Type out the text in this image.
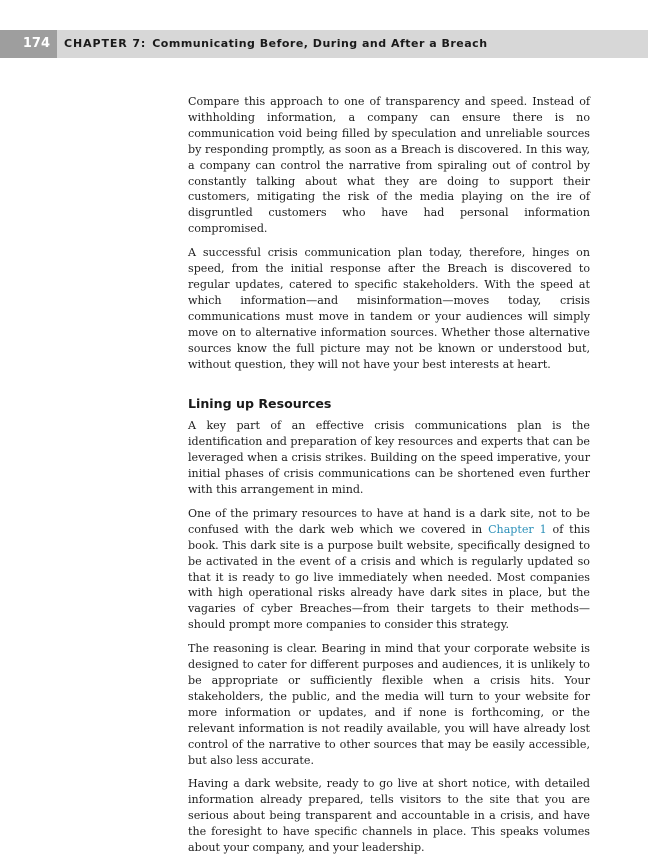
174	CHAPTER 7: Communicating Before, During and After a Breach

Compare this approach to one of transparency and speed. Instead of withholding information, a company can ensure there is no communication void being filled by speculation and unreliable sources by responding promptly, as soon as a Breach is discovered. In this way, a company can control the narrative from spiraling out of control by constantly talking about what they are doing to support their customers, mitigating the risk of the media playing on the ire of disgruntled customers who have had personal information compromised.

A successful crisis communication plan today, therefore, hinges on speed, from the initial response after the Breach is discovered to regular updates, catered to specific stakeholders. With the speed at which information—and misinformation—moves today, crisis communications must move in tandem or your audiences will simply move on to alternative information sources. Whether those alternative sources know the full picture may not be known or understood but, without question, they will not have your best interests at heart.

Lining up Resources

A key part of an effective crisis communications plan is the identification and preparation of key resources and experts that can be leveraged when a crisis strikes. Building on the speed imperative, your initial phases of crisis communications can be shortened even further with this arrangement in mind.

One of the primary resources to have at hand is a dark site, not to be confused with the dark web which we covered in Chapter 1 of this book. This dark site is a purpose built website, specifically designed to be activated in the event of a crisis and which is regularly updated so that it is ready to go live immediately when needed. Most companies with high operational risks already have dark sites in place, but the vagaries of cyber Breaches—from their targets to their methods—should prompt more companies to consider this strategy.

The reasoning is clear. Bearing in mind that your corporate website is designed to cater for different purposes and audiences, it is unlikely to be appropriate or sufficiently flexible when a crisis hits. Your stakeholders, the public, and the media will turn to your website for more information or updates, and if none is forthcoming, or the relevant information is not readily available, you will have already lost control of the narrative to other sources that may be easily accessible, but also less accurate.

Having a dark website, ready to go live at short notice, with detailed information already prepared, tells visitors to the site that you are serious about being transparent and accountable in a crisis, and have the foresight to have specific channels in place. This speaks volumes about your company, and your leadership.
